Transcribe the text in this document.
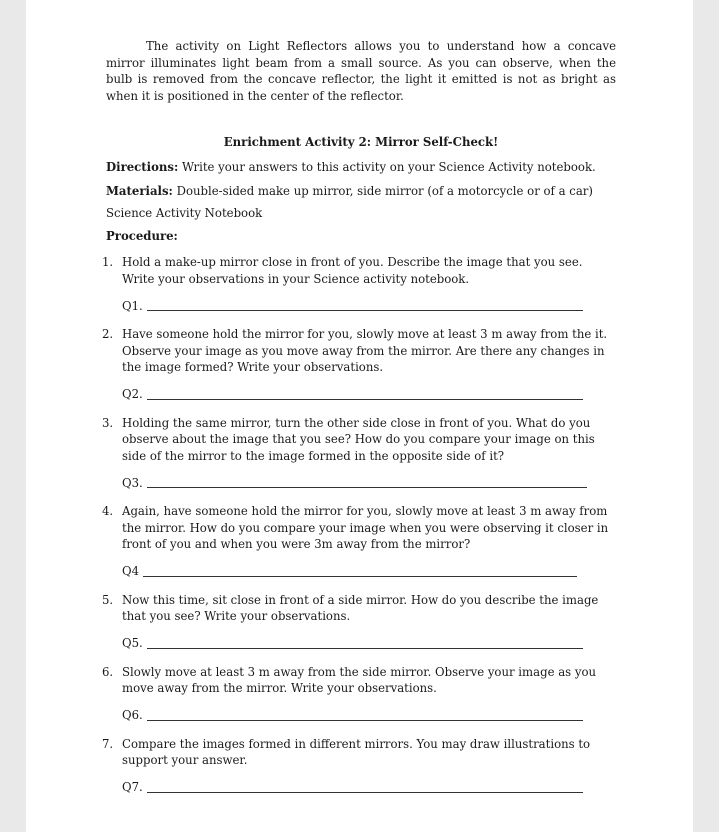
The activity on Light Reflectors allows you to understand how a concave mirror illuminates light beam from a small source. As you can observe, when the bulb is removed from the concave reflector, the light it emitted is not as bright as when it is positioned in the center of the reflector.

Enrichment Activity 2: Mirror Self-Check!

Directions: Write your answers to this activity on your Science Activity notebook.

Materials: Double-sided make up mirror, side mirror (of a motorcycle or of a car)

Science Activity Notebook

Procedure:

1. Hold a make-up mirror close in front of you. Describe the image that you see. Write your observations in your Science activity notebook.

Q1.
2. Have someone hold the mirror for you, slowly move at least 3 m away from the it. Observe your image as you move away from the mirror. Are there any changes in the image formed? Write your observations.

Q2.
3. Holding the same mirror, turn the other side close in front of you. What do you observe about the image that you see? How do you compare your image on this side of the mirror to the image formed in the opposite side of it?

Q3.
4. Again, have someone hold the mirror for you, slowly move at least 3 m away from the mirror. How do you compare your image when you were observing it closer in front of you and when you were 3m away from the mirror?

Q4
5. Now this time, sit close in front of a side mirror. How do you describe the image that you see? Write your observations.

Q5.
6. Slowly move at least 3 m away from the side mirror. Observe your image as you move away from the mirror. Write your observations.

Q6.
7. Compare the images formed in different mirrors. You may draw illustrations to support your answer.

Q7.
